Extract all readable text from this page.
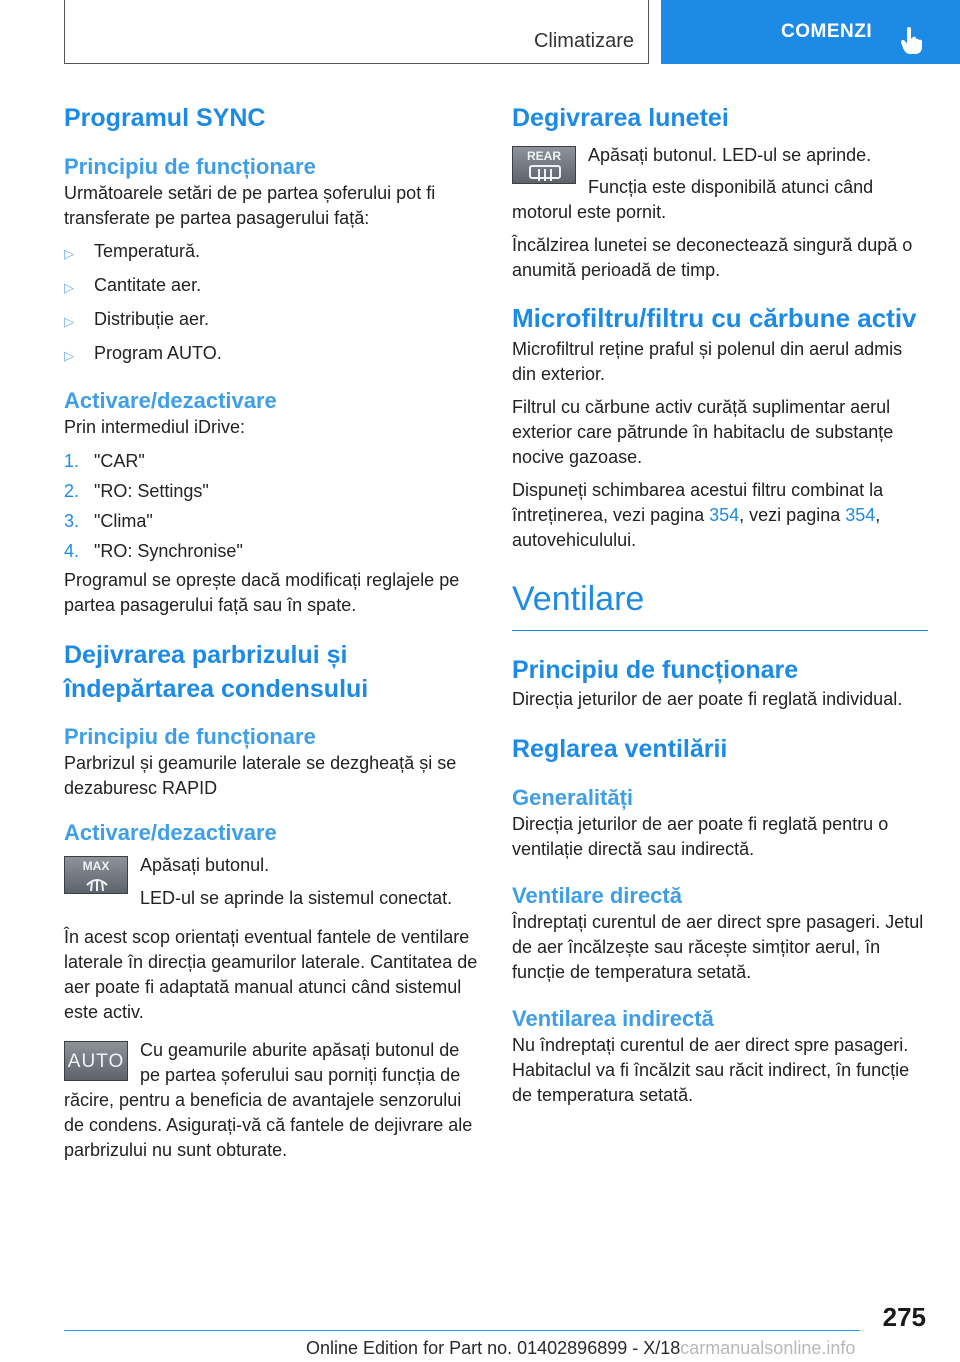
Climatizare	COMENZI
Programul SYNC
Principiu de funcționare

Următoarele setări de pe partea șoferului pot fi transferate pe partea pasagerului față:

▷	Temperatură.
▷	Cantitate aer.
▷	Distribuție aer.
▷	Program AUTO.
Activare/dezactivare

Prin intermediul iDrive:

1. "CAR"
2. "RO: Settings"
3. "Clima"
4. "RO: Synchronise"

Programul se oprește dacă modificați reglajele pe partea pasagerului față sau în spate.

Dejivrarea parbrizului și îndepărtarea condensului
Principiu de funcționare

Parbrizul și geamurile laterale se dezgheață și se dezaburesc RAPID

Activare/dezactivare
MAX	Apăsați butonul.

LED-ul se aprinde la sistemul conectat.

În acest scop orientați eventual fantele de ventilare laterale în direcția geamurilor laterale. Cantitatea de aer poate fi adaptată manual atunci când sistemul este activ.

AUTO

Cu geamurile aburite apăsați butonul de pe partea șoferului sau porniți funcția de răcire, pentru a beneficia de avantajele senzorului de condens. Asigurați-vă că fantele de dejivrare ale parbrizului nu sunt obturate.

Degivrarea lunetei
REAR	Apăsați butonul. LED-ul se aprinde.

Funcția este disponibilă atunci când motorul este pornit.

Încălzirea lunetei se deconectează singură după o anumită perioadă de timp.

Microfiltru/filtru cu cărbune activ

Microfiltrul reține praful și polenul din aerul admis din exterior.

Filtrul cu cărbune activ curăță suplimentar aerul exterior care pătrunde în habitaclu de substanțe nocive gazoase.

Dispuneți schimbarea acestui filtru combinat la întreținerea, vezi pagina 354, vezi pagina 354, autovehiculului.

Ventilare
Principiu de funcționare

Direcția jeturilor de aer poate fi reglată individual.

Reglarea ventilării
Generalități

Direcția jeturilor de aer poate fi reglată pentru o ventilație directă sau indirectă.

Ventilare directă

Îndreptați curentul de aer direct spre pasageri. Jetul de aer încălzește sau răcește simțitor aerul, în funcție de temperatura setată.

Ventilarea indirectă

Nu îndreptați curentul de aer direct spre pasageri. Habitaclul va fi încălzit sau răcit indirect, în funcție de temperatura setată.

275
Online Edition for Part no. 01402896899 - X/18carmanualsonline.info
